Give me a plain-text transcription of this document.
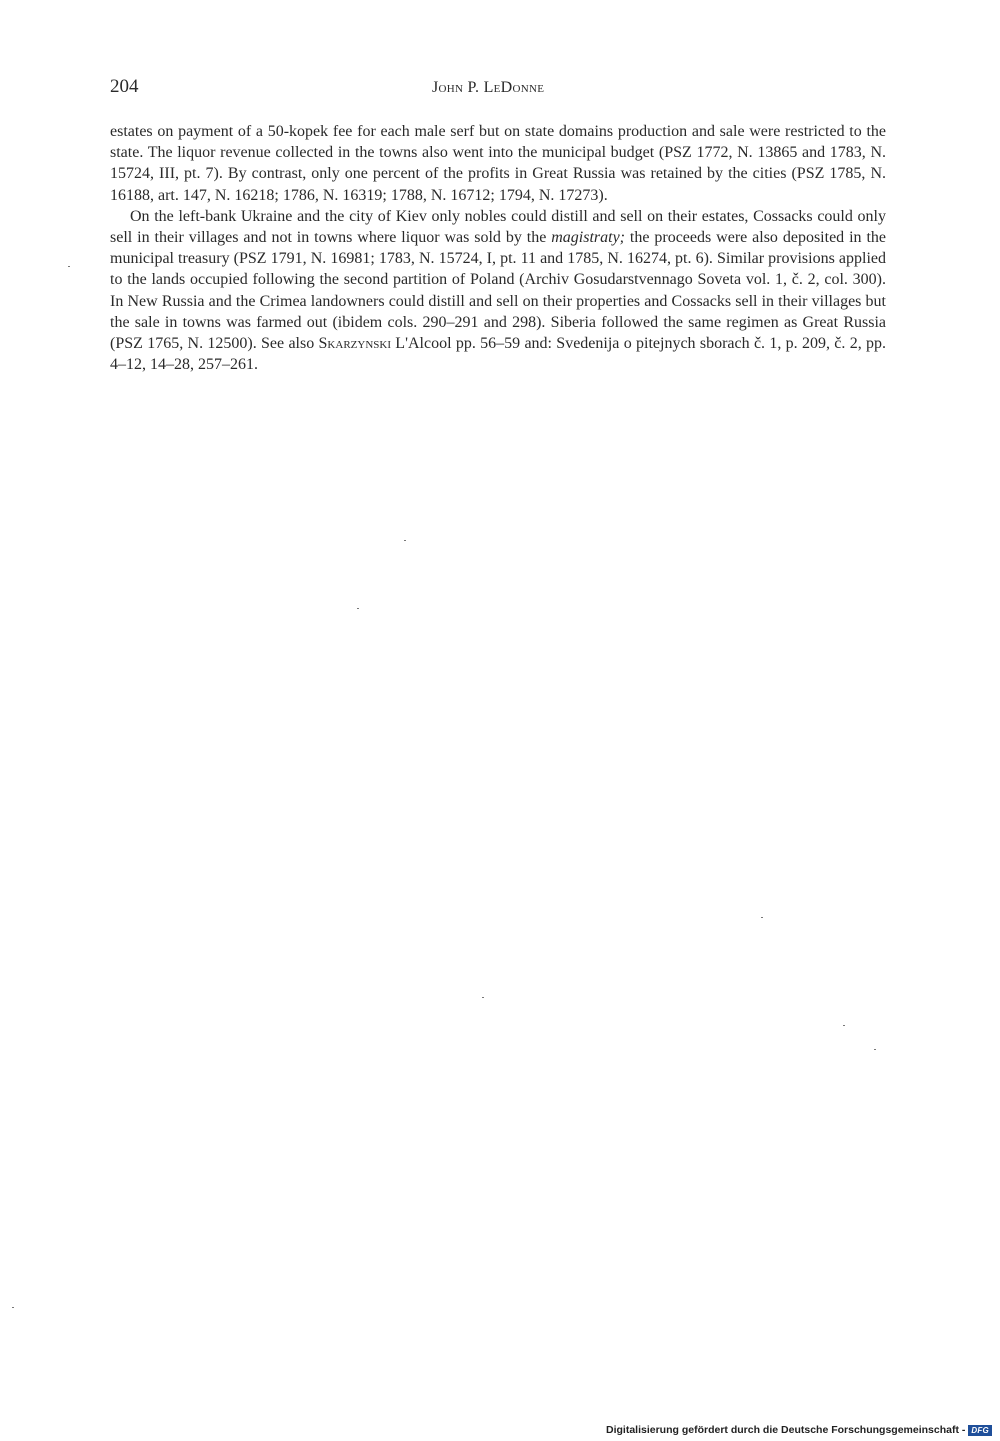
204	John P. LeDonne

estates on payment of a 50-kopek fee for each male serf but on state domains production and sale were restricted to the state. The liquor revenue collected in the towns also went into the municipal budget (PSZ 1772, N. 13865 and 1783, N. 15724, III, pt. 7). By contrast, only one percent of the profits in Great Russia was retained by the cities (PSZ 1785, N. 16188, art. 147, N. 16218; 1786, N. 16319; 1788, N. 16712; 1794, N. 17273).

On the left-bank Ukraine and the city of Kiev only nobles could distill and sell on their estates, Cossacks could only sell in their villages and not in towns where liquor was sold by the magistraty; the proceeds were also deposited in the municipal treasury (PSZ 1791, N. 16981; 1783, N. 15724, I, pt. 11 and 1785, N. 16274, pt. 6). Similar provisions applied to the lands occupied following the second partition of Poland (Archiv Gosudarstvennago Soveta vol. 1, č. 2, col. 300). In New Russia and the Crimea landowners could distill and sell on their properties and Cossacks sell in their villages but the sale in towns was farmed out (ibidem cols. 290–291 and 298). Siberia followed the same regimen as Great Russia (PSZ 1765, N. 12500). See also Skarzynski L'Alcool pp. 56–59 and: Svedenija o pitejnych sborach č. 1, p. 209, č. 2, pp. 4–12, 14–28, 257–261.

Digitalisierung gefördert durch die Deutsche Forschungsgemeinschaft - DFG
